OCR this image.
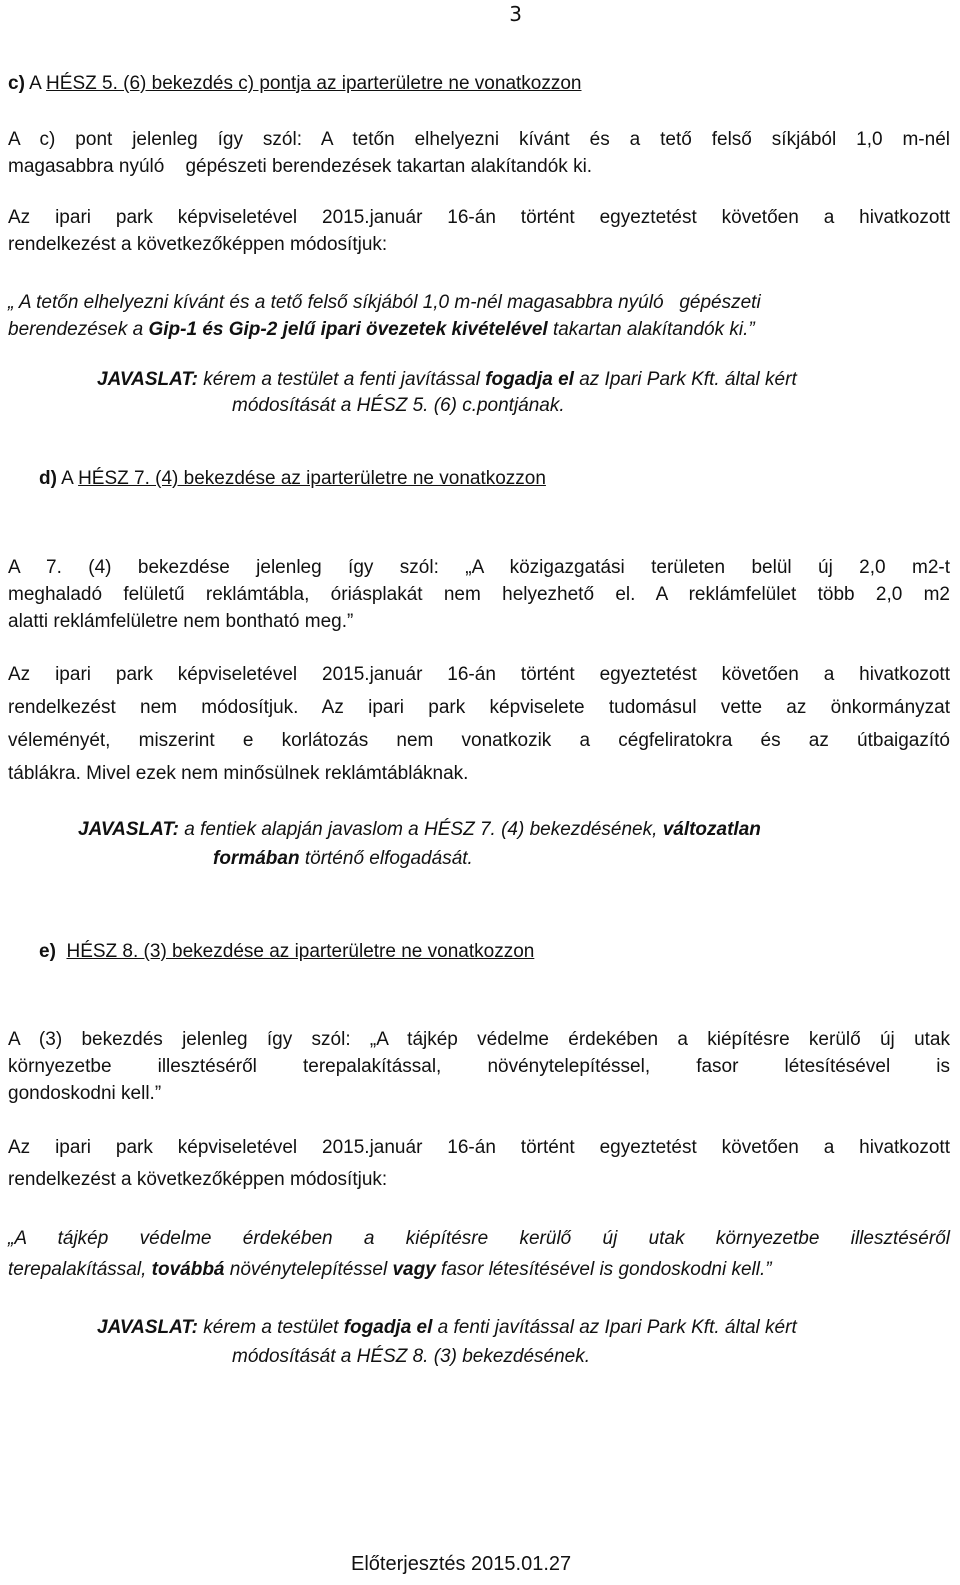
3
c) A HÉSZ 5. (6) bekezdés c) pontja az iparterületre ne vonatkozzon
A c) pont jelenleg így szól: A tetőn elhelyezni kívánt és a tető felső síkjából 1,0 m-nél
magasabbra nyúló    gépészeti berendezések takartan alakítandók ki.
Az ipari park képviseletével 2015.január 16-án történt egyeztetést követően a hivatkozott
rendelkezést a következőképpen módosítjuk:
„ A tetőn elhelyezni kívánt és a tető felső síkjából 1,0 m-nél magasabbra nyúló   gépészeti
berendezések a Gip-1 és Gip-2 jelű ipari övezetek kivételével takartan alakítandók ki.”
JAVASLAT: kérem a testület a fenti javítással fogadja el az Ipari Park Kft. által kért
módosítását a HÉSZ 5. (6) c.pontjának.
d) A HÉSZ 7. (4) bekezdése az iparterületre ne vonatkozzon
A 7. (4) bekezdése jelenleg így szól: „A közigazgatási területen belül új 2,0 m2-t
meghaladó felületű reklámtábla, óriásplakát nem helyezhető el. A reklámfelület több 2,0 m2
alatti reklámfelületre nem bontható meg.”
Az ipari park képviseletével 2015.január 16-án történt egyeztetést követően a hivatkozott
rendelkezést nem módosítjuk. Az ipari park képviselete tudomásul vette az önkormányzat
véleményét, miszerint e korlátozás nem vonatkozik a cégfeliratokra és az útbaigazító
táblákra. Mivel ezek nem minősülnek reklámtábláknak.
JAVASLAT: a fentiek alapján javaslom a HÉSZ 7. (4) bekezdésének, változatlan
formában történő elfogadását.
e) HÉSZ 8. (3) bekezdése az iparterületre ne vonatkozzon
A (3) bekezdés jelenleg így szól: „A tájkép védelme érdekében a kiépítésre kerülő új utak
környezetbe illesztéséről terepalakítással, növénytelepítéssel, fasor létesítésével is
gondoskodni kell.”
Az ipari park képviseletével 2015.január 16-án történt egyeztetést követően a hivatkozott
rendelkezést a következőképpen módosítjuk:
„A tájkép védelme érdekében a kiépítésre kerülő új utak környezetbe illesztéséről
terepalakítással, továbbá növénytelepítéssel vagy fasor létesítésével is gondoskodni kell.”
JAVASLAT: kérem a testület fogadja el a fenti javítással az Ipari Park Kft. által kért
módosítását a HÉSZ 8. (3) bekezdésének.
Előterjesztés 2015.01.27
